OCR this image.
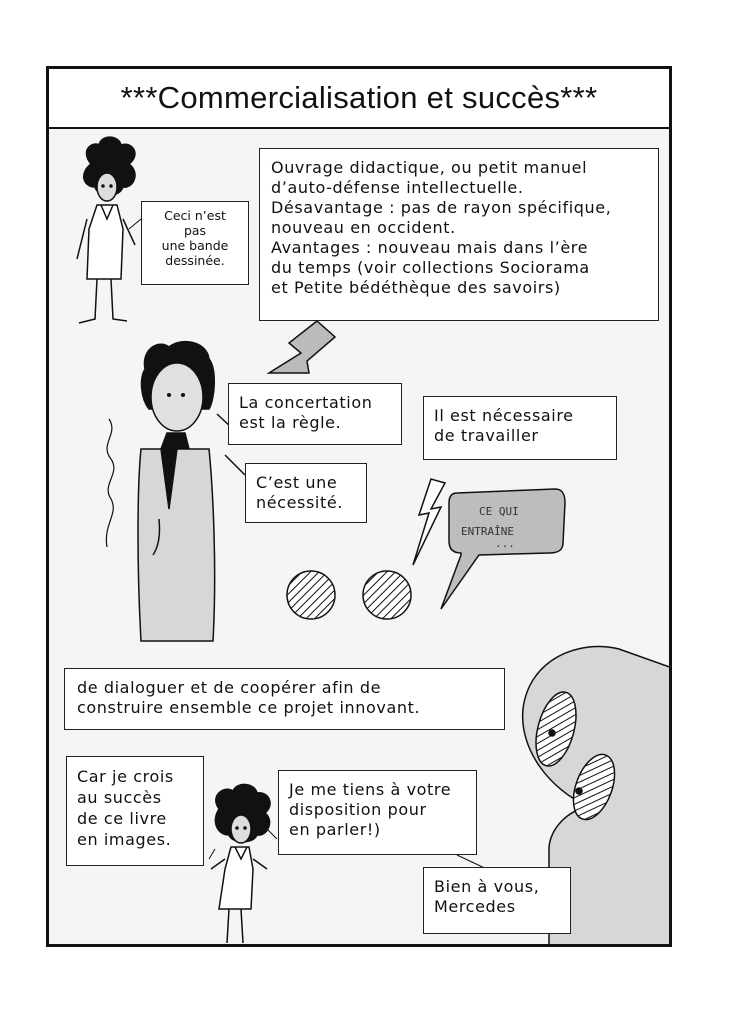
CE QUI
ENTRAÎNE
...
***Commercialisation et succès***
Ceci n’est
pas
une bande
dessinée.
Ouvrage didactique, ou petit manuel
d’auto-défense intellectuelle.
Désavantage : pas de rayon spécifique,
nouveau en occident.
Avantages : nouveau mais dans l’ère
du temps (voir collections Sociorama
et Petite bédéthèque des savoirs)
La concertation
est la règle.
C’est une
nécessité.
Il est nécessaire
de travailler
de dialoguer et de coopérer afin de
construire ensemble ce projet innovant.
Car je crois
au succès
de ce livre
en images.
Je me tiens à votre
disposition pour
en parler!)
Bien à vous,
Mercedes
